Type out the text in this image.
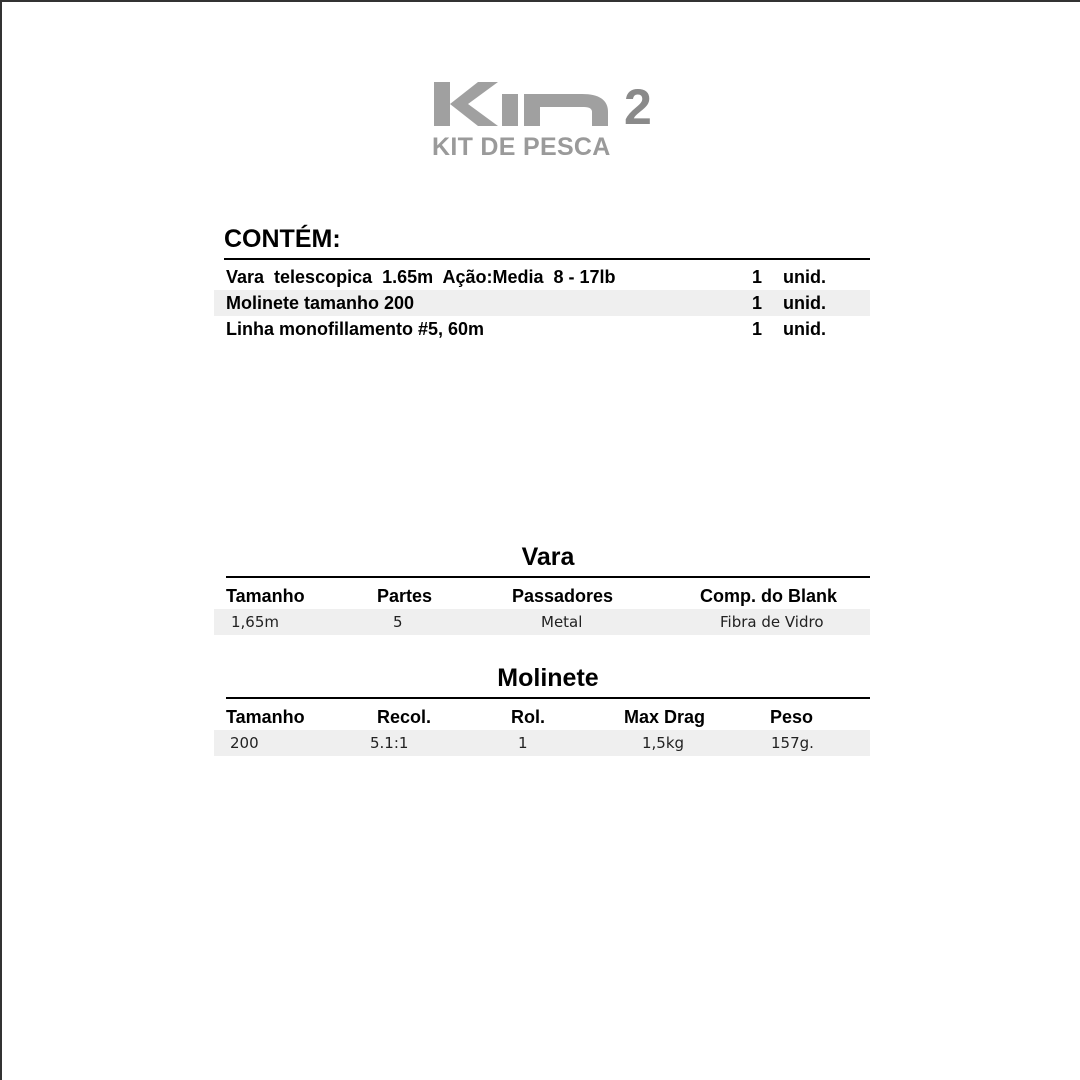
2
KIT DE PESCA
CONTÉM:
Vara  telescopica  1.65m  Ação:Media  8 - 17lb	1 unid.
Molinete tamanho 200	1 unid.
Linha monofillamento #5, 60m	1 unid.
Vara
Tamanho	Partes	Passadores	Comp. do Blank
1,65m	5	Metal	Fibra de Vidro
Molinete
Tamanho	Recol.	Rol.	Max Drag	Peso
200	5.1:1	1	1,5kg	157g.
